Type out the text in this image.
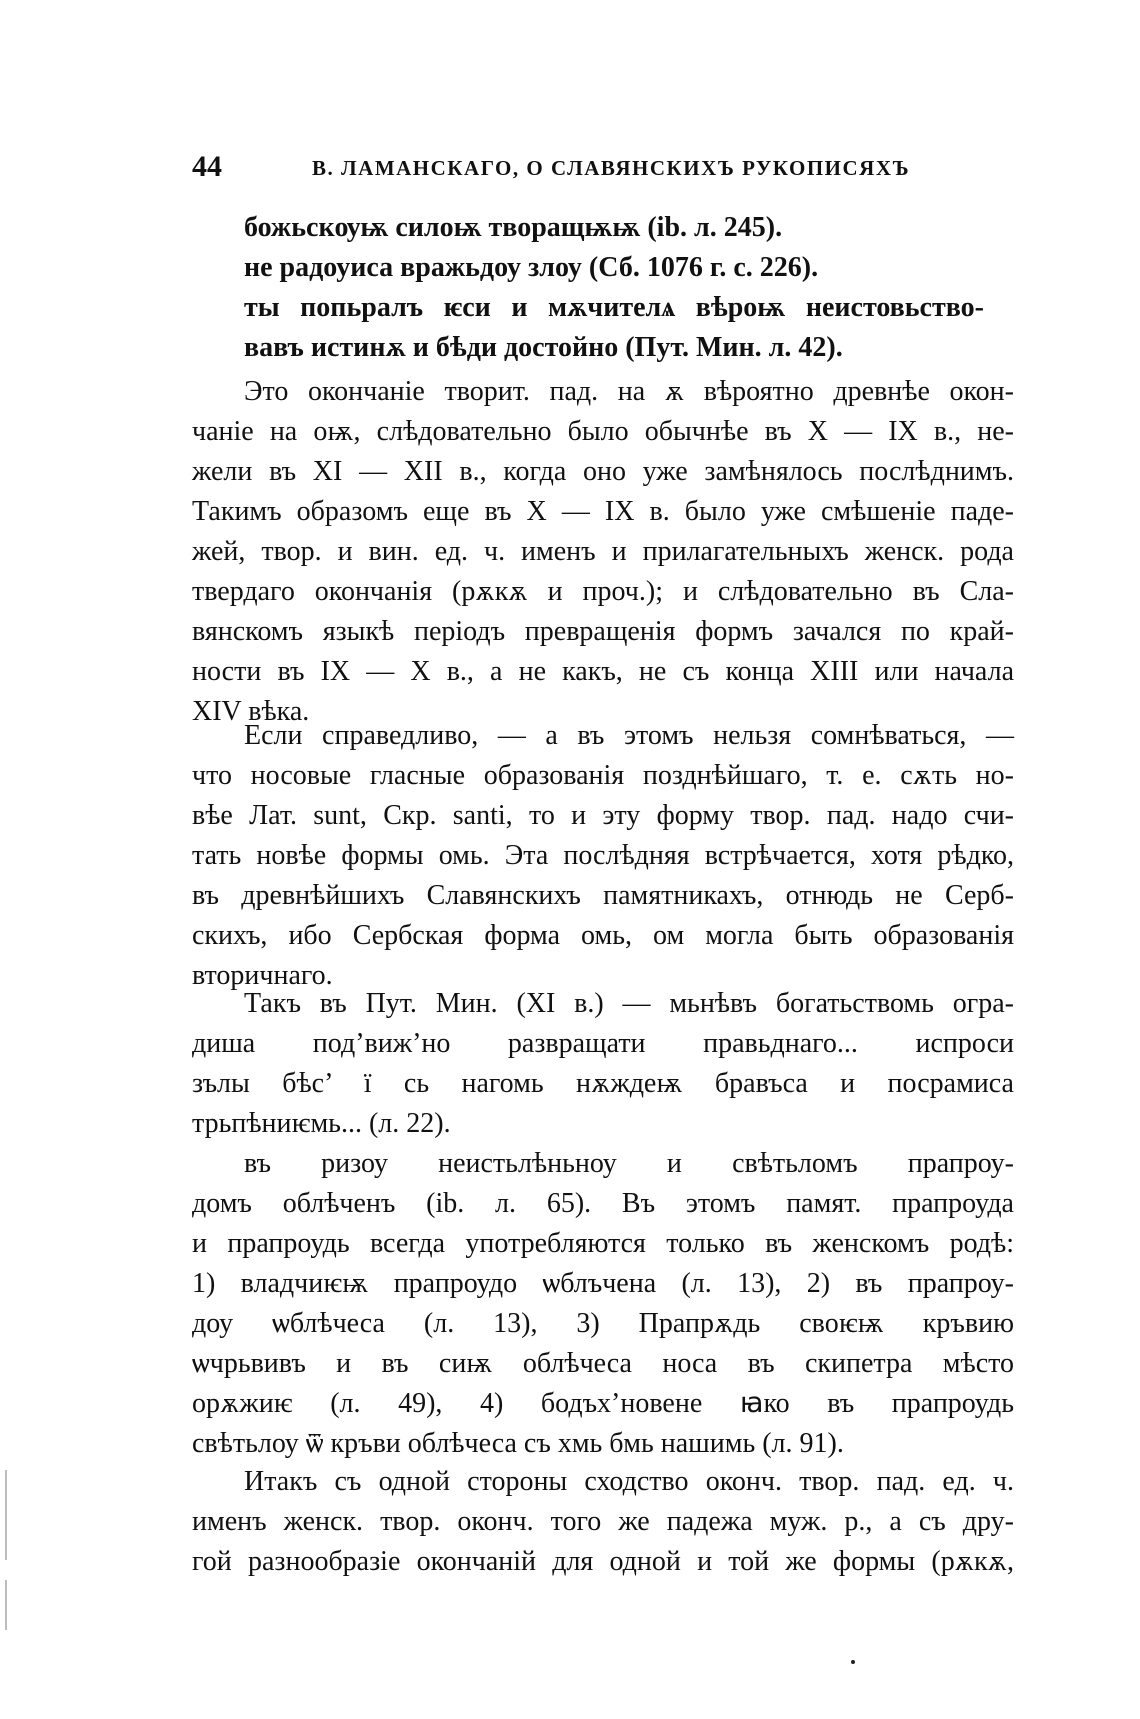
44	В. ЛАМАНСКАГО, О СЛАВЯНСКИХЪ РУКОПИСЯХЪ
божьскѹѭ силоѭ творащѭѭ (ib. л. 245).
не радоуиса вражьдоу злоу (Сб. 1076 г. с. 226).
ты попьралъ ѥси и мѫчителѧ вѣроѭ неистовьство-
вавъ истинѫ и бѣди достойно (Пут. Мин. л. 42).
Это окончаніе творит. пад. на ѫ вѣроятно древнѣе окон-
чаніе на оѭ, слѣдовательно было обычнѣе въ X — IX в., не-
жели въ XI — XII в., когда оно уже замѣнялось послѣднимъ.
Такимъ образомъ еще въ X — IX в. было уже смѣшеніе паде-
жей, твор. и вин. ед. ч. именъ и прилагательныхъ женск. рода
твердаго окончанія (рѫкѫ и проч.); и слѣдовательно въ Сла-
вянскомъ языкѣ періодъ превращенія формъ зачался по край-
ности въ IX — X в., а не какъ, не съ конца XIII или начала
XIV вѣка.
Если справедливо, — а въ этомъ нельзя сомнѣваться, —
что носовые гласные образованія позднѣйшаго, т. е. сѫть но-
вѣе Лат. sunt, Скр. santi, то и эту форму твор. пад. надо счи-
тать новѣе формы омь. Эта послѣдняя встрѣчается, хотя рѣдко,
въ древнѣйшихъ Славянскихъ памятникахъ, отнюдь не Серб-
скихъ, ибо Сербская форма омь, ом могла быть образованія
вторичнаго.
Такъ въ Пут. Мин. (XI в.) — мьнѣвъ богатьствомь огра-
диша под’виж’но развращати правьднаго... испроси
зълы бѣс’ ї сь нагомь нѫждеѭ бравъса и посрамиса
трьпѣниѥмь... (л. 22).
въ ризоу неистьлѣньноу и свѣтьломъ прапроу-
домъ облѣченъ (ib. л. 65). Въ этомъ памят. прапроуда
и прапроудь всегда употребляются только въ женскомъ родѣ:
1) владчиѥѭ прапроудо ѡблъчена (л. 13), 2) въ прапроу-
доу ѡблѣчеса (л. 13), 3) Прапрѫдь своѥѭ кръвию
ѡчрьвивъ и въ сиѭ облѣчеса носа въ скипетра мѣсто
орѫжиѥ (л. 49), 4) бодъх’новене ꙗко въ прапроудь
свѣтьлоу ѿ кръви облѣчеса съ хмь бмь нашимь (л. 91).
Итакъ съ одной стороны сходство оконч. твор. пад. ед. ч.
именъ женск. твор. оконч. того же падежа муж. р., а съ дру-
гой разнообразіе окончаній для одной и той же формы (рѫкѫ,
